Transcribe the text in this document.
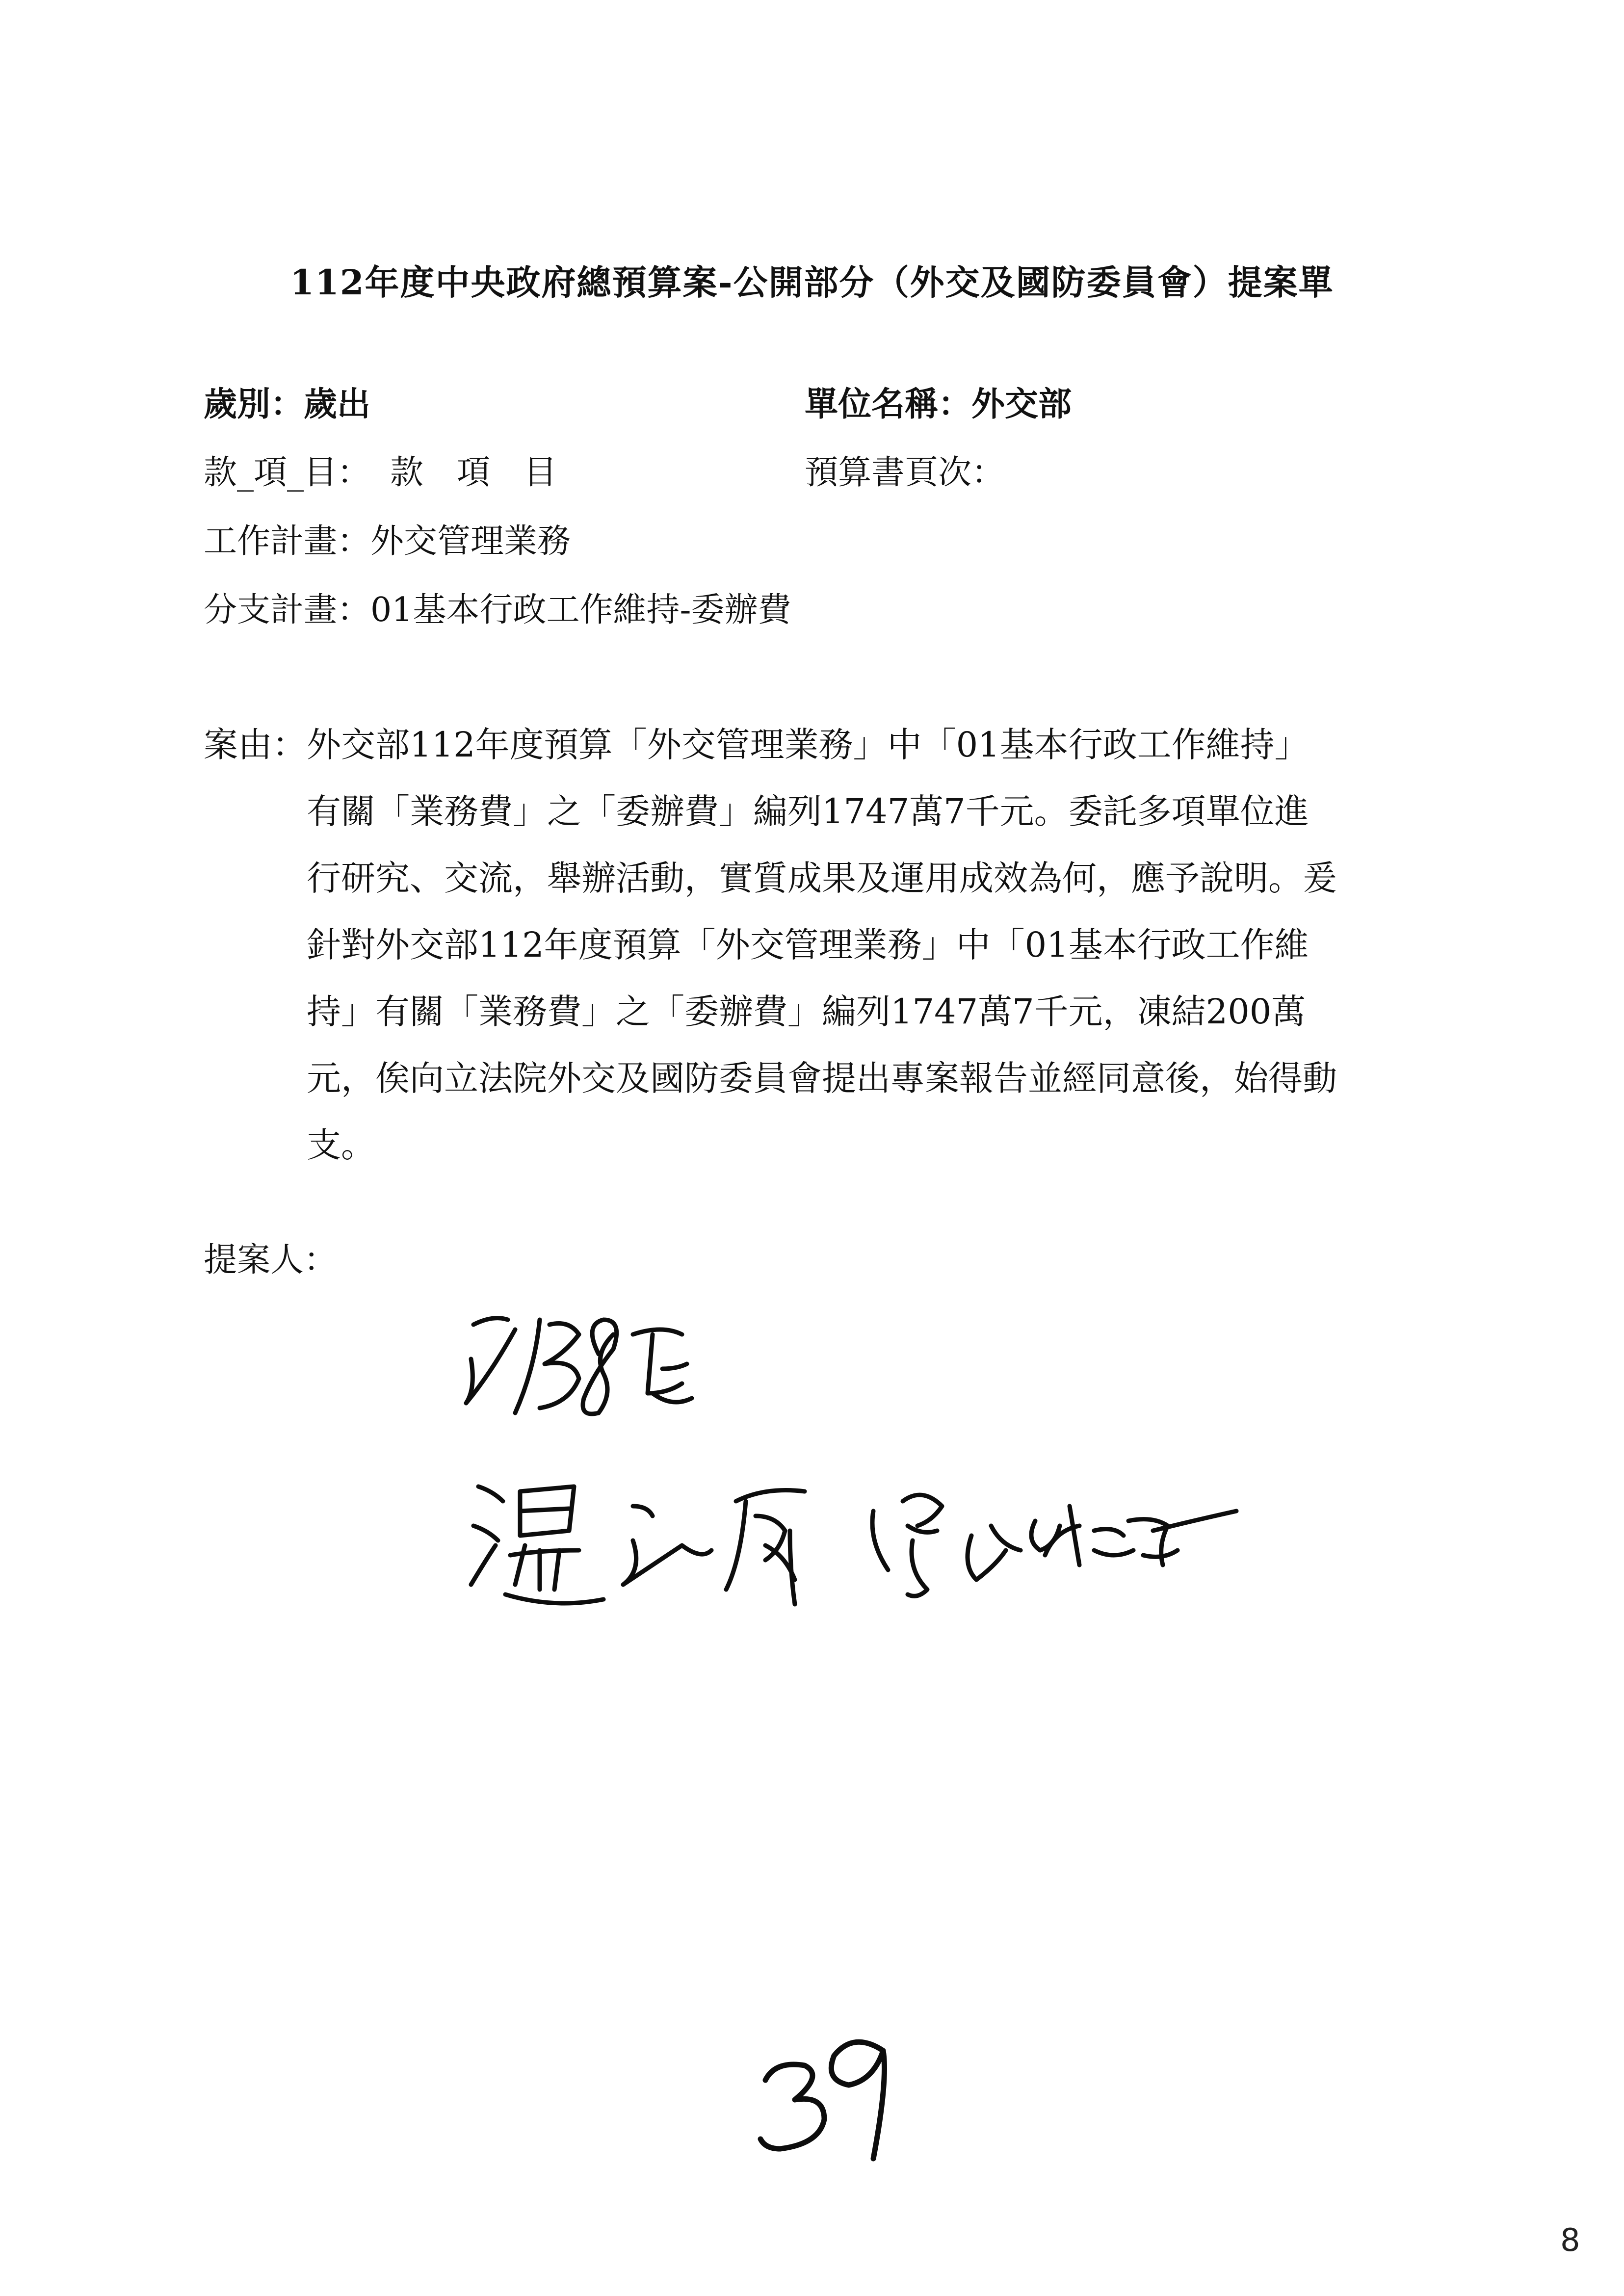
112年度中央政府總預算案-公開部分（外交及國防委員會）提案單
歲別：歲出	單位名稱：外交部
款_項_目： 款　項　目	預算書頁次：
工作計畫：外交管理業務
分支計畫：01基本行政工作維持-委辦費
案由： 外交部112年度預算「外交管理業務」中「01基本行政工作維持」
有關「業務費」之「委辦費」編列1747萬7千元。委託多項單位進
行研究、交流，舉辦活動，實質成果及運用成效為何，應予說明。爰
針對外交部112年度預算「外交管理業務」中「01基本行政工作維
持」有關「業務費」之「委辦費」編列1747萬7千元，凍結200萬
元，俟向立法院外交及國防委員會提出專案報告並經同意後，始得動
支。
提案人：
8
